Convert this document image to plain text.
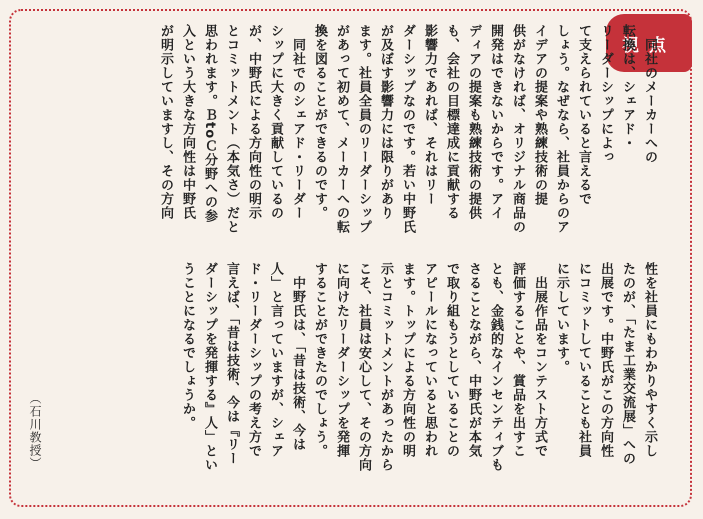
視点
　同社のメーカーへの
転換は、シェアド・
リーダーシップによっ
て支えられていると言えるで
しょう。なぜなら、社員からのア
イデアの提案や熟練技術の提
供がなければ、オリジナル商品の
開発はできないからです。アイ
ディアの提案も熟練技術の提供
も、会社の目標達成に貢献する
影響力であれば、それはリー
ダーシップなのです。若い中野氏
が及ぼす影響力には限りがあり
ます。社員全員のリーダーシップ
があって初めて、メーカーへの転
換を図ることができるのです。
　同社でのシェアド・リーダー
シップに大きく貢献しているの
が、中野氏による方向性の明示
とコミットメント（本気さ）だと
思われます。ＢtoＣ分野への参
入という大きな方向性は中野氏
が明示していますし、その方向
性を社員にもわかりやすく示し
たのが、「たま工業交流展」への
出展です。中野氏がこの方向性
にコミットしていることも社員
に示しています。
　出展作品をコンテスト方式で
評価することや、賞品を出すこ
とも、金銭的なインセンティブも
さることながら、中野氏が本気
で取り組もうとしていることの
アピールになっていると思われ
ます。トップによる方向性の明
示とコミットメントがあったから
こそ、社員は安心して、その方向
に向けたリーダーシップを発揮
することができたのでしょう。
　中野氏は、「昔は技術、今は
人」と言っていますが、シェア
ド・リーダーシップの考え方で
言えば、「昔は技術、今は『リー
ダーシップを発揮する』人」とい
うことになるでしょうか。
（石川教授）
